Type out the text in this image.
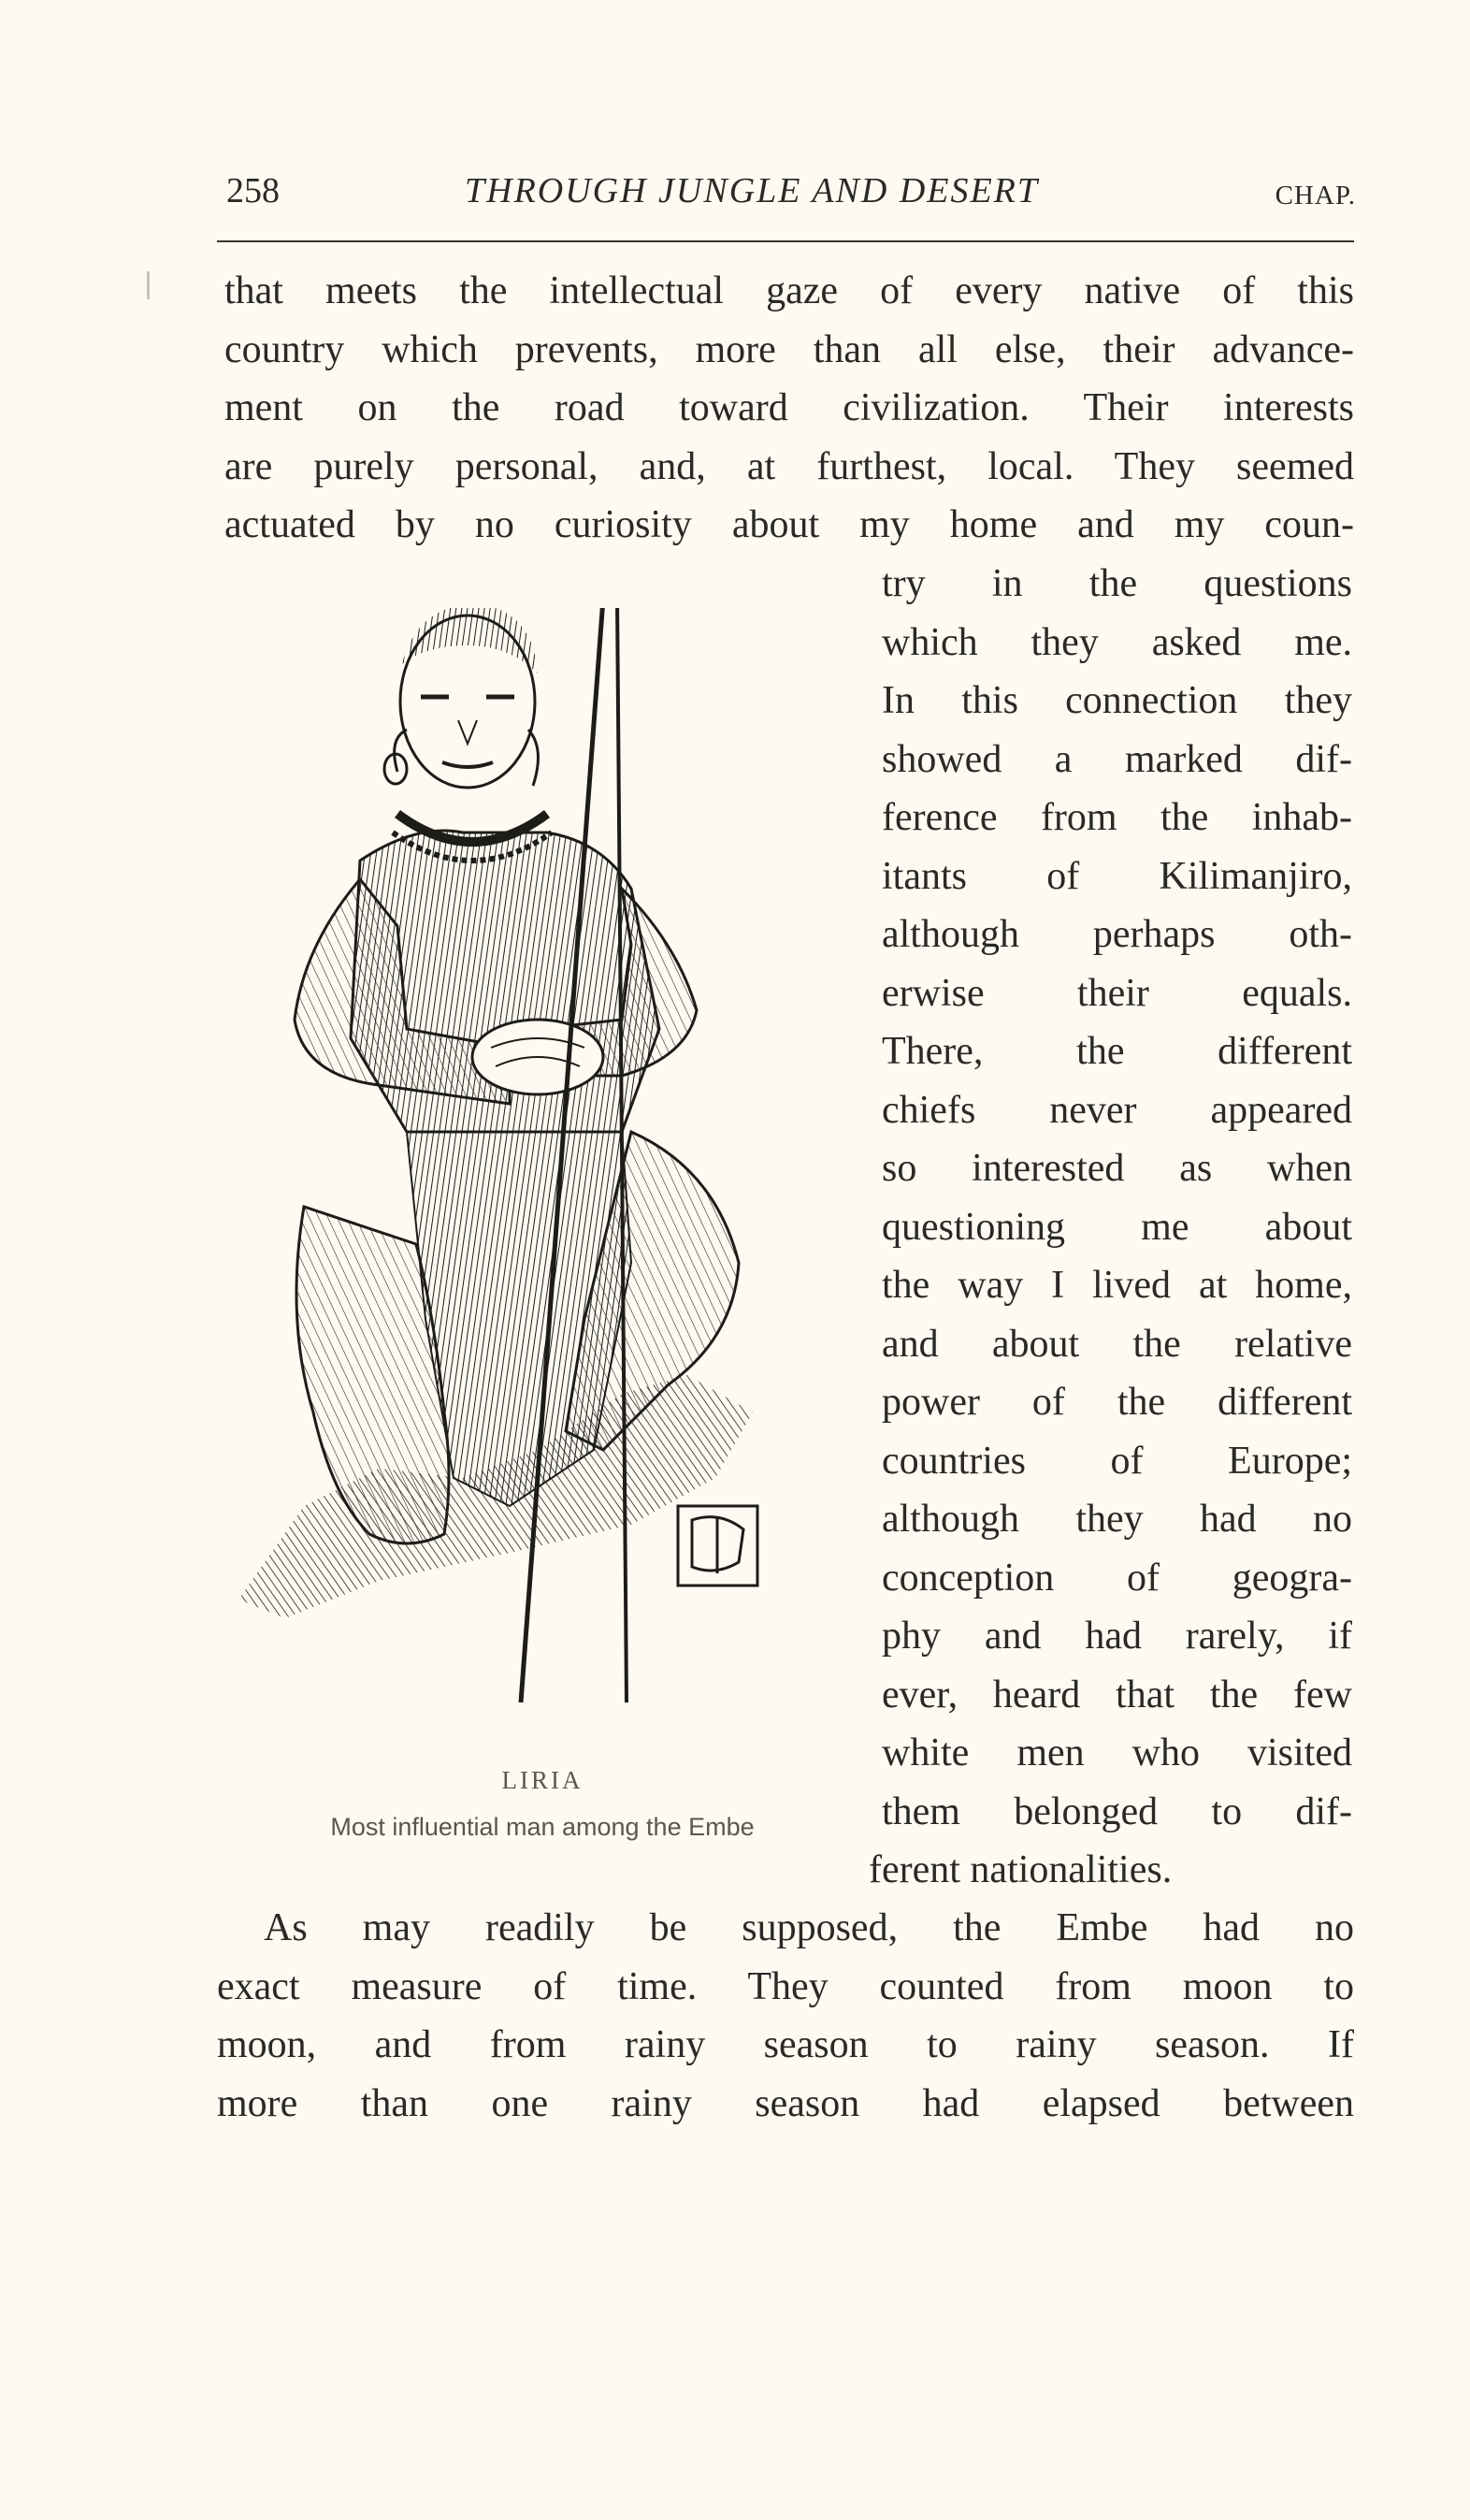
258	THROUGH JUNGLE AND DESERT	CHAP.
that meets the intellectual gaze of every native of this
country which prevents, more than all else, their advance-
ment on the road toward civilization. Their interests
are purely personal, and, at furthest, local. They seemed
actuated by no curiosity about my home and my coun-
try in the questions
which they asked me.
In this connection they
showed a marked dif-
ference from the inhab-
itants of Kilimanjiro,
although perhaps oth-
erwise their equals.
There, the different
chiefs never appeared
so interested as when
questioning me about
the way I lived at home,
and about the relative
power of the different
countries of Europe;
although they had no
conception of geogra-
phy and had rarely, if
ever, heard that the few
white men who visited
them belonged to dif-
ferent nationalities.
As may readily be supposed, the Embe had no
exact measure of time. They counted from moon to
moon, and from rainy season to rainy season. If
more than one rainy season had elapsed between
LIRIA
Most influential man among the Embe
